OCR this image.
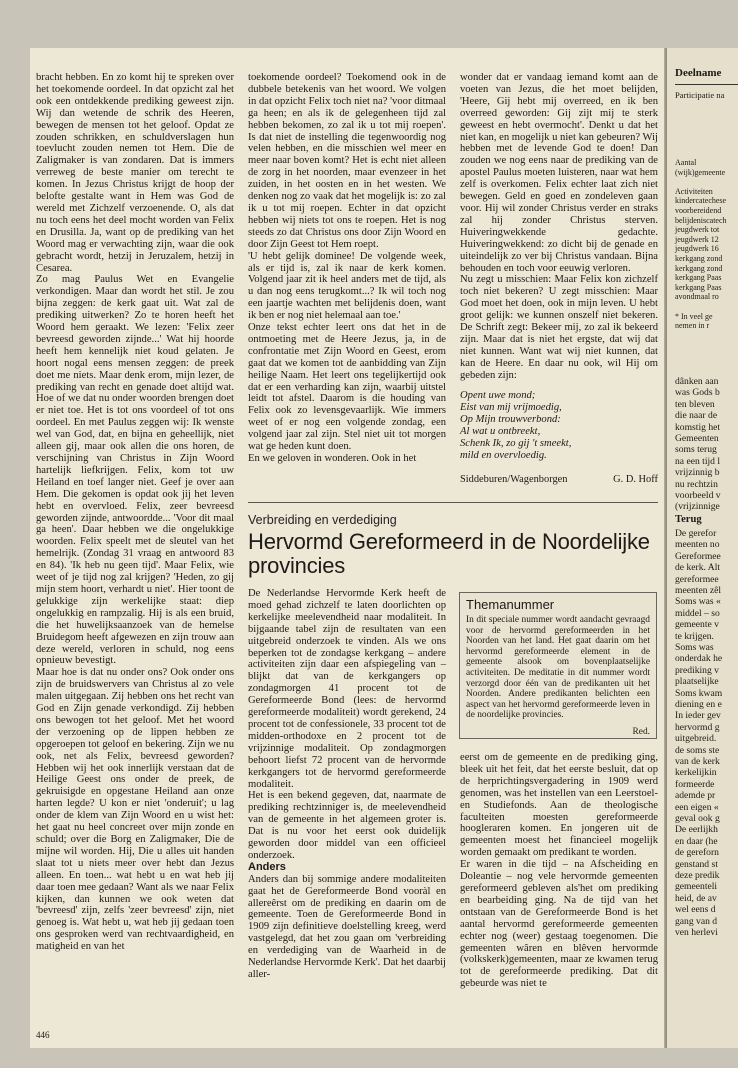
bracht hebben. En zo komt hij te spreken over het toekomende oordeel. In dat opzicht zal het ook een ontdekkende prediking geweest zijn. Wij dan wetende de schrik des Heeren, bewegen de mensen tot het geloof. Opdat ze zouden schrikken, en schuldverslagen hun toevlucht zouden nemen tot Hem. Die de Zaligmaker is van zondaren. Dat is immers verreweg de beste manier om terecht te komen. In Jezus Christus krijgt de hoop der belofte gestalte want in Hem was God de wereld met Zichzelf verzoenende. O, als dat nu toch eens het deel mocht worden van Felix en Drusilla. Ja, want op de prediking van het Woord mag er verwachting zijn, waar die ook gebracht wordt, hetzij in Jeruzalem, hetzij in Cesarea.

Zo mag Paulus Wet en Evangelie verkondigen. Maar dan wordt het stil. Je zou bijna zeggen: de kerk gaat uit. Wat zal de prediking uitwerken? Zo te horen heeft het Woord hem geraakt. We lezen: 'Felix zeer bevreesd geworden zijnde...' Wat hij hoorde heeft hem kennelijk niet koud gelaten. Je hoort nogal eens mensen zeggen: de preek doet me niets. Maar denk erom, mijn lezer, de prediking van recht en genade doet altijd wat. Hoe of we dat nu onder woorden brengen doet er niet toe. Het is tot ons voordeel of tot ons oordeel. En met Paulus zeggen wij: Ik wenste wel van God, dat, en bijna en geheellijk, niet alleen gij, maar ook allen die ons horen, de verschijning van Christus in Zijn Woord hartelijk liefkrijgen. Felix, kom tot uw Heiland en toef langer niet. Geef je over aan Hem. Die gekomen is opdat ook jij het leven hebt en overvloed. Felix, zeer bevreesd geworden zijnde, antwoordde... 'Voor dit maal ga heen'. Daar hebben we die ongelukkige woorden. Felix speelt met de sleutel van het hemelrijk. (Zondag 31 vraag en antwoord 83 en 84). 'Ik heb nu geen tijd'. Maar Felix, wie weet of je tijd nog zal krijgen? 'Heden, zo gij mijn stem hoort, verhardt u niet'. Hier toont de gelukkige zijn werkelijke staat: diep ongelukkig en rampzalig. Hij is als een bruid, die het huwelijksaanzoek van de hemelse Bruidegom heeft afgewezen en zijn trouw aan deze wereld, verloren in schuld, nog eens opnieuw bevestigt.

Maar hoe is dat nu onder ons? Ook onder ons zijn de bruidswervers van Christus al zo vele malen uitgegaan. Zij hebben ons het recht van God en Zijn genade verkondigd. Zij hebben ons bewogen tot het geloof. Met het woord der verzoening op de lippen hebben ze opgeroepen tot geloof en bekering. Zijn we nu ook, net als Felix, bevreesd geworden? Hebben wij het ook innerlijk verstaan dat de Heilige Geest ons onder de preek, de gekruisigde en opgestane Heiland aan onze harten legde? U kon er niet 'onderuit'; u lag onder de klem van Zijn Woord en u wist het: het gaat nu heel concreet over mijn zonde en schuld; over die Borg en Zaligmaker, Die de mijne wil worden. Hij, Die u alles uit handen slaat tot u niets meer over hebt dan Jezus alleen. En toen... wat hebt u en wat heb jij daar toen mee gedaan? Want als we naar Felix kijken, dan kunnen we ook weten dat 'bevreesd' zijn, zelfs 'zeer bevreesd' zijn, niet genoeg is. Wat hebt u, wat heb jij gedaan toen ons gesproken werd van rechtvaardigheid, en matigheid en van het

toekomende oordeel? Toekomend ook in de dubbele betekenis van het woord. We volgen in dat opzicht Felix toch niet na? 'voor ditmaal ga heen; en als ik de gelegenheen tijd zal hebben bekomen, zo zal ik u tot mij roepen'. Is dat niet de instelling die tegenwoordig nog velen hebben, en die misschien wel meer en meer naar boven komt? Het is echt niet alleen de zorg in het noorden, maar evenzeer in het zuiden, in het oosten en in het westen. We denken nog zo vaak dat het mogelijk is: zo zal ik u tot mij roepen. Echter in dat opzicht hebben wij niets tot ons te roepen. Het is nog steeds zo dat Christus ons door Zijn Woord en door Zijn Geest tot Hem roept.

'U hebt gelijk dominee! De volgende week, als er tijd is, zal ik naar de kerk komen. Volgend jaar zit ik heel anders met de tijd, als u dan nog eens terugkomt...? Ik wil toch nog een jaartje wachten met belijdenis doen, want ik ben er nog niet helemaal aan toe.'

Onze tekst echter leert ons dat het in de ontmoeting met de Heere Jezus, ja, in de confrontatie met Zijn Woord en Geest, erom gaat dat we komen tot de aanbidding van Zijn heilige Naam. Het leert ons tegelijkertijd ook dat er een verharding kan zijn, waarbij uitstel leidt tot afstel. Daarom is die houding van Felix ook zo levensgevaarlijk. Wie immers weet of er nog een volgende zondag, een volgend jaar zal zijn. Stel niet uit tot morgen wat ge heden kunt doen.

En we geloven in wonderen. Ook in het

wonder dat er vandaag iemand komt aan de voeten van Jezus, die het moet belijden, 'Heere, Gij hebt mij overreed, en ik ben overreed geworden: Gij zijt mij te sterk geweest en hebt overmocht'. Denkt u dat het niet kan, en mogelijk u niet kan gebeuren? Wij hebben met de levende God te doen! Dan zouden we nog eens naar de prediking van de apostel Paulus moeten luisteren, naar wat hem zelf is overkomen. Felix echter laat zich niet bewegen. Geld en goed en zondeleven gaan voor. Hij wil zonder Christus verder en straks zal hij zonder Christus sterven. Huiveringwekkende gedachte. Huiveringwekkend: zo dicht bij de genade en uiteindelijk zo ver bij Christus vandaan. Bijna behouden en toch voor eeuwig verloren.

Nu zegt u misschien: Maar Felix kon zichzelf toch niet bekeren? U zegt misschien: Maar God moet het doen, ook in mijn leven. U hebt groot gelijk: we kunnen onszelf niet bekeren. De Schrift zegt: Bekeer mij, zo zal ik bekeerd zijn. Maar dat is niet het ergste, dat wij dat niet kunnen. Want wat wij niet kunnen, dat kan de Heere. En daar nu ook, wil Hij om gebeden zijn:

Opent uwe mond;
Eist van mij vrijmoedig,
Op Mijn trouwverbond:
Al wat u ontbreekt,
Schenk Ik, zo gij 't smeekt,
mild en overvloedig.
Siddeburen/Wagenborgen	G. D. Hoff
Verbreiding en verdediging
Hervormd Gereformeerd in de Noordelijke provincies

De Nederlandse Hervormde Kerk heeft de moed gehad zichzelf te laten doorlichten op kerkelijke meelevendheid naar modaliteit. In bijgaande tabel zijn de resultaten van een uitgebreid onderzoek te vinden. Als we ons beperken tot de zondagse kerkgang – andere activiteiten zijn daar een afspiegeling van – blijkt dat van de kerkgangers op zondagmorgen 41 procent tot de Gereformeerde Bond (lees: de hervormd gereformeerde modaliteit) wordt gerekend, 24 procent tot de confessionele, 33 procent tot de midden-orthodoxe en 2 procent tot de vrijzinnige modaliteit. Op zondagmorgen behoort liefst 72 procent van de hervormde kerkgangers tot de hervormd gereformeerde modaliteit.

Het is een bekend gegeven, dat, naarmate de prediking rechtzinniger is, de meelevendheid van de gemeente in het algemeen groter is. Dat is nu voor het eerst ook duidelijk geworden door middel van een officieel onderzoek.

Anders

Anders dan bij sommige andere modaliteiten gaat het de Gereformeerde Bond vooràl en allereêrst om de prediking en daarin om de gemeente. Toen de Gereformeerde Bond in 1909 zijn definitieve doelstelling kreeg, werd vastgelegd, dat het zou gaan om 'verbreiding en verdediging van de Waarheid in de Nederlandse Hervormde Kerk'. Dat het daarbij aller-

Themanummer

In dit speciale nummer wordt aandacht gevraagd voor de hervormd gereformeerden in het Noorden van het land. Het gaat daarin om het hervormd gereformeerde element in de gemeente alsook om bovenplaatselijke activiteiten. De meditatie in dit nummer wordt verzorgd door één van de predikanten uit het Noorden. Andere predikanten belichten een aspect van het hervormd gereformeerde leven in de noordelijke provincies.

Red.

eerst om de gemeente en de prediking ging, bleek uit het feit, dat het eerste besluit, dat op de herprichtingsvergadering in 1909 werd genomen, was het instellen van een Leerstoel- en Studiefonds. Aan de theologische faculteiten moesten gereformeerde hoogleraren komen. En jongeren uit de gemeenten moest het financieel mogelijk worden gemaakt om predikant te worden.

Er waren in die tijd – na Afscheiding en Doleantie – nog vele hervormde gemeenten gereformeerd gebleven als'het om prediking en bearbeiding ging. Na de tijd van het ontstaan van de Gereformeerde Bond is het aantal hervormd gereformeerde gemeenten echter nog (weer) gestaag toegenomen. Die gemeenten wâren en blêven hervormde (volkskerk)gemeenten, maar ze kwamen terug tot de gereformeerde prediking. Dat dit gebeurde was niet te

446
Deelname
Participatie na
Aantal
(wijk)gemeente
Activiteiten
kindercatechese
voorbereidend
belijdeniscatech
jeugdwerk tot
jeugdwerk 12
jeugdwerk 16
kerkgang zond
kerkgang zond
kerkgang Paas
kerkgang Paas
avondmaal ro
* In veel ge
nemen in r
dânken aan
was Gods b
ten bleven
die naar de
komstig het
Gemeenten
soms terug
na een tijd l
vrijzinnig b
nu rechtzin
voorbeeld v
(vrijzinnige
Terug
De gerefor
meenten no
Gereformee
de kerk. Alt
gereformee
meenten zêl
Soms was «
middel – so
gemeente v
te krijgen.
Soms was
onderdak he
prediking v
plaatselijke
Soms kwam
diening en e
In ieder gev
hervormd g
uitgebreid.
de soms ste
van de kerk
kerkelijkin
formeerde
ademde pr
een eigen «
geval ook g
De eerlijkh
en daar (he
de gereforn
genstand st
deze predik
gemeenteli
heid, de av
wel eens d
gang van d
ven herlevi
